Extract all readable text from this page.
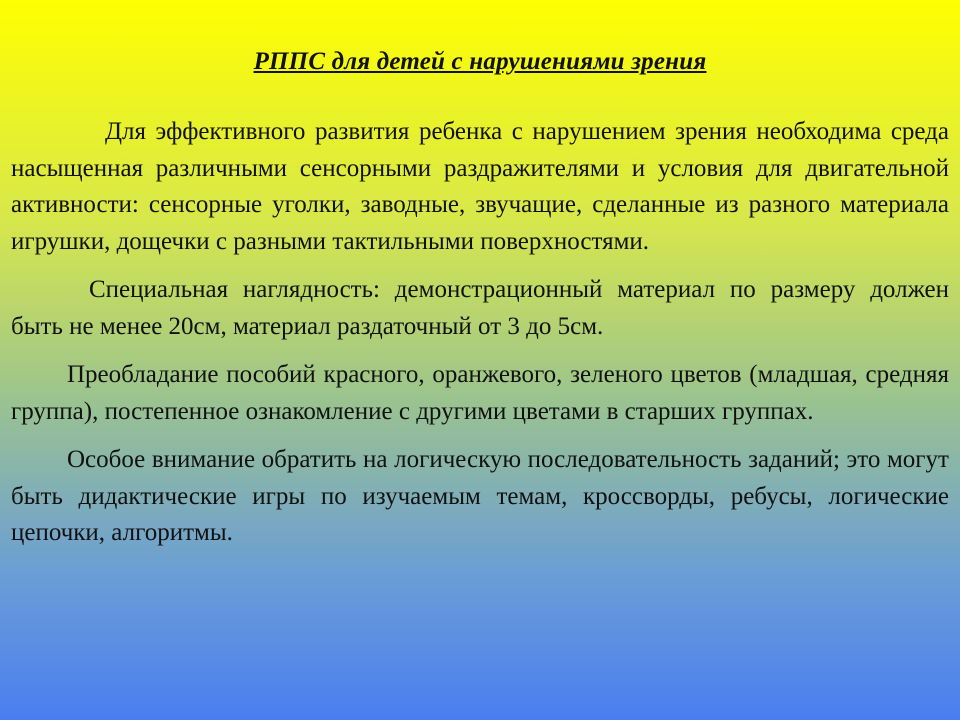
РППС для детей с нарушениями зрения

Для эффективного развития ребенка с нарушением зрения необходима среда насыщенная различными сенсорными раздражителями и условия для двигательной активности: сенсорные уголки, заводные, звучащие, сделанные из разного материала игрушки, дощечки с разными тактильными поверхностями.

Специальная наглядность: демонстрационный материал по размеру должен быть не менее 20см, материал раздаточный от 3 до 5см.

Преобладание пособий красного, оранжевого, зеленого цветов (младшая, средняя группа), постепенное ознакомление с другими цветами в старших группах.

Особое внимание обратить на логическую последовательность заданий; это могут быть дидактические игры по изучаемым темам, кроссворды, ребусы, логические цепочки, алгоритмы.
